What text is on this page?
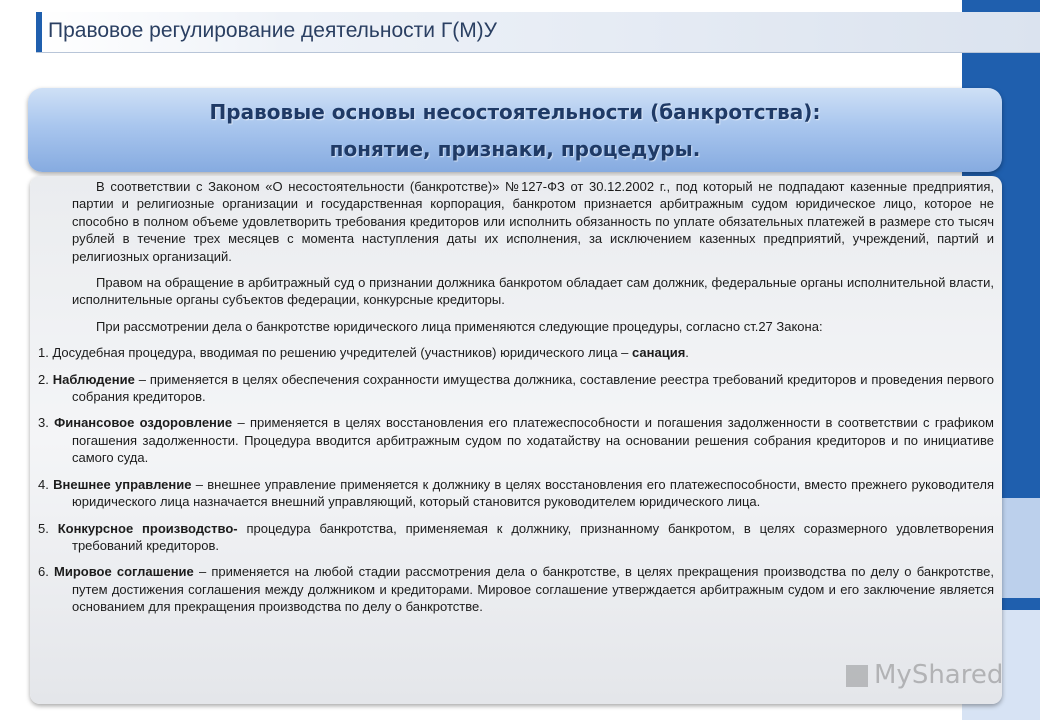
Правовое регулирование деятельности Г(М)У
Правовые основы несостоятельности (банкротства):
понятие, признаки, процедуры.

В соответствии с Законом «О несостоятельности (банкротстве)» №127-ФЗ от 30.12.2002 г., под который не подпадают казенные предприятия, партии и религиозные организации и государственная корпорация, банкротом признается арбитражным судом юридическое лицо, которое не способно в полном объеме удовлетворить требования кредиторов или исполнить обязанность по уплате обязательных платежей в размере сто тысяч рублей в течение трех месяцев с момента наступления даты их исполнения, за исключением казенных предприятий, учреждений, партий и религиозных организаций.

Правом на обращение в арбитражный суд о признании должника банкротом обладает сам должник, федеральные органы исполнительной власти, исполнительные органы субъектов федерации, конкурсные кредиторы.

При рассмотрении дела о банкротстве юридического лица применяются следующие процедуры, согласно ст.27 Закона:

1. Досудебная процедура, вводимая по решению учредителей (участников) юридического лица – санация.

2. Наблюдение – применяется в целях обеспечения сохранности имущества должника, составление реестра требований кредиторов и проведения первого собрания кредиторов.

3. Финансовое оздоровление – применяется в целях восстановления его платежеспособности и погашения задолженности в соответствии с графиком погашения задолженности. Процедура вводится арбитражным судом по ходатайству на основании решения собрания кредиторов и по инициативе самого суда.

4. Внешнее управление – внешнее управление применяется к должнику в целях восстановления его платежеспособности, вместо прежнего руководителя юридического лица назначается внешний управляющий, который становится руководителем юридического лица.

5. Конкурсное производство- процедура банкротства, применяемая к должнику, признанному банкротом, в целях соразмерного удовлетворения требований кредиторов.

6. Мировое соглашение – применяется на любой стадии рассмотрения дела о банкротстве, в целях прекращения производства по делу о банкротстве, путем достижения соглашения между должником и кредиторами. Мировое соглашение утверждается арбитражным судом и его заключение является основанием для прекращения производства по делу о банкротстве.

MyShared
